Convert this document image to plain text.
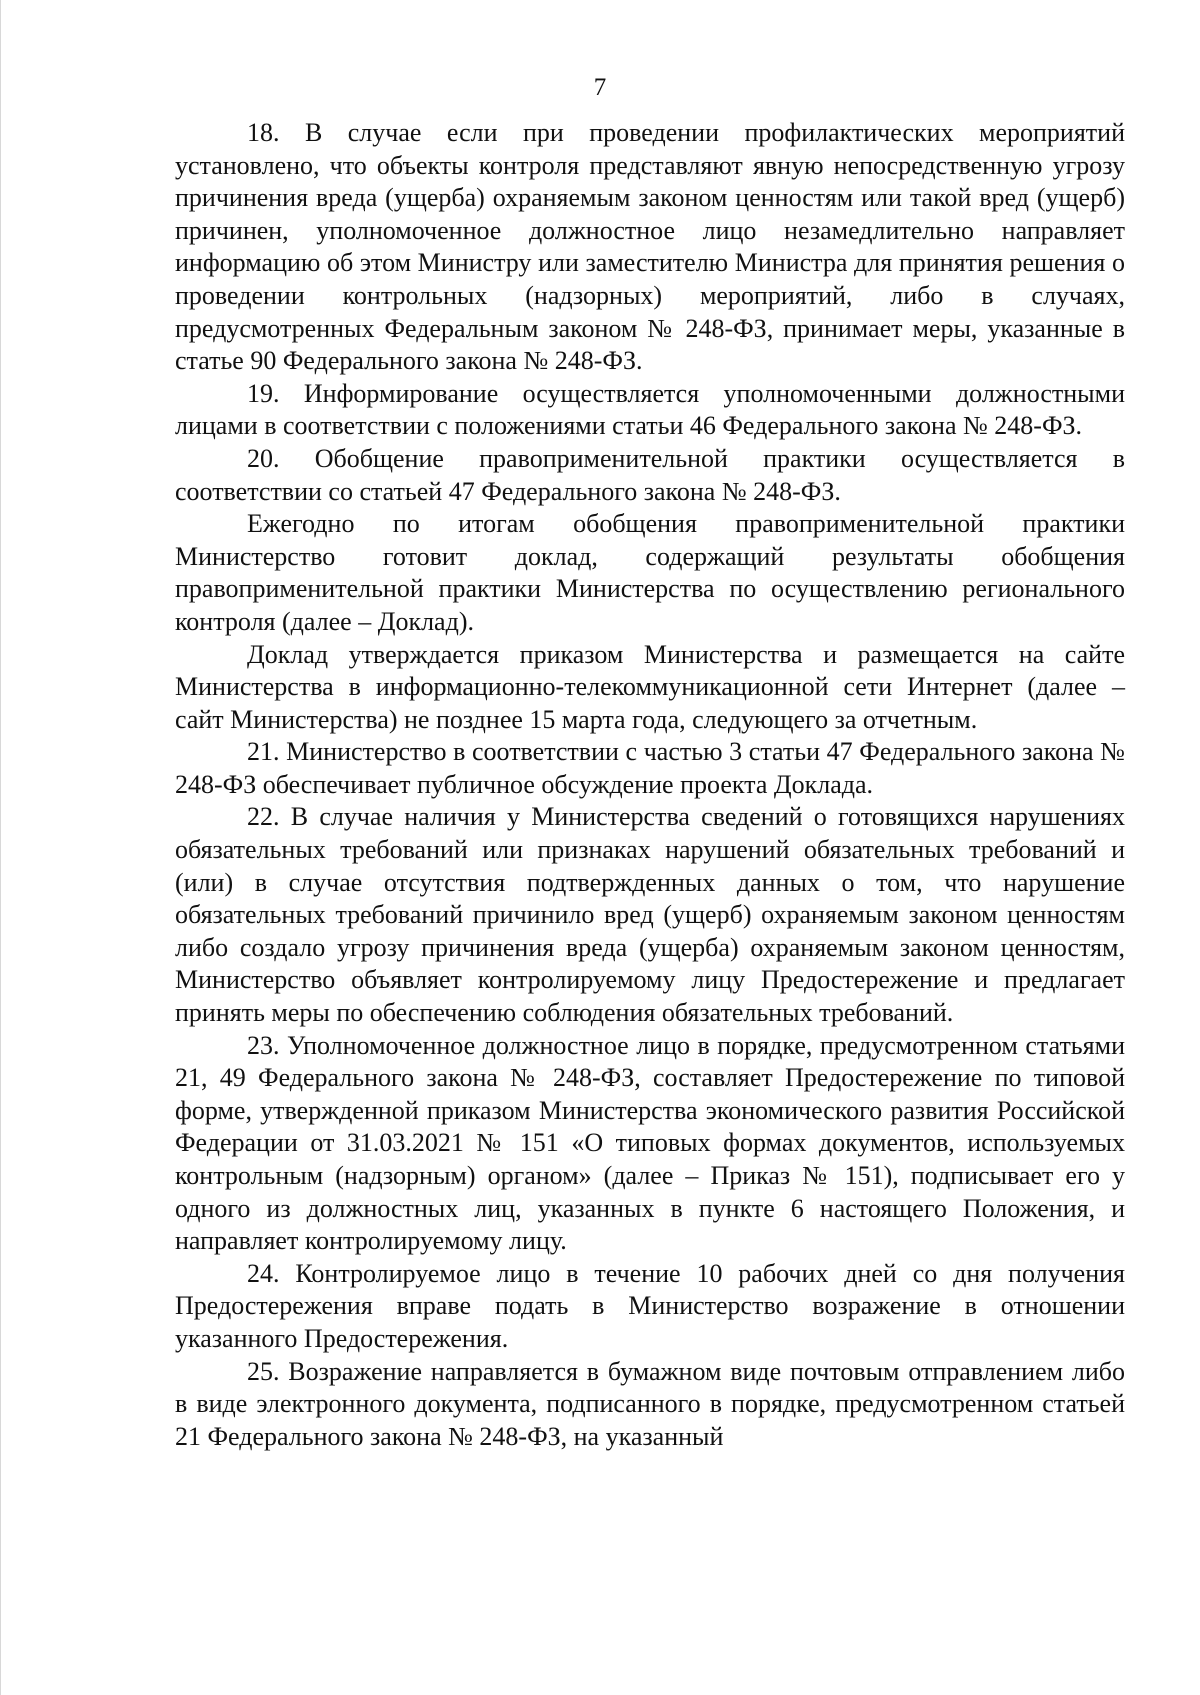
7

18. В случае если при проведении профилактических мероприятий установлено, что объекты контроля представляют явную непосредственную угрозу причинения вреда (ущерба) охраняемым законом ценностям или такой вред (ущерб) причинен, уполномоченное должностное лицо незамедлительно направляет информацию об этом Министру или заместителю Министра для принятия решения о проведении контрольных (надзорных) мероприятий, либо в случаях, предусмотренных Федеральным законом № 248-ФЗ, принимает меры, указанные в статье 90 Федерального закона № 248-ФЗ.

19. Информирование осуществляется уполномоченными должностными лицами в соответствии с положениями статьи 46 Федерального закона № 248-ФЗ.

20. Обобщение правоприменительной практики осуществляется в соответствии со статьей 47 Федерального закона № 248-ФЗ.

Ежегодно по итогам обобщения правоприменительной практики Министерство готовит доклад, содержащий результаты обобщения правоприменительной практики Министерства по осуществлению регионального контроля (далее – Доклад).

Доклад утверждается приказом Министерства и размещается на сайте Министерства в информационно-телекоммуникационной сети Интернет (далее – сайт Министерства) не позднее 15 марта года, следующего за отчетным.

21. Министерство в соответствии с частью 3 статьи 47 Федерального закона № 248-ФЗ обеспечивает публичное обсуждение проекта Доклада.

22. В случае наличия у Министерства сведений о готовящихся нарушениях обязательных требований или признаках нарушений обязательных требований и (или) в случае отсутствия подтвержденных данных о том, что нарушение обязательных требований причинило вред (ущерб) охраняемым законом ценностям либо создало угрозу причинения вреда (ущерба) охраняемым законом ценностям, Министерство объявляет контролируемому лицу Предостережение и предлагает принять меры по обеспечению соблюдения обязательных требований.

23. Уполномоченное должностное лицо в порядке, предусмотренном статьями 21, 49 Федерального закона № 248-ФЗ, составляет Предостережение по типовой форме, утвержденной приказом Министерства экономического развития Российской Федерации от 31.03.2021 № 151 «О типовых формах документов, используемых контрольным (надзорным) органом» (далее – Приказ № 151), подписывает его у одного из должностных лиц, указанных в пункте 6 настоящего Положения, и направляет контролируемому лицу.

24. Контролируемое лицо в течение 10 рабочих дней со дня получения Предостережения вправе подать в Министерство возражение в отношении указанного Предостережения.

25. Возражение направляется в бумажном виде почтовым отправлением либо в виде электронного документа, подписанного в порядке, предусмотренном статьей 21 Федерального закона № 248-ФЗ, на указанный
